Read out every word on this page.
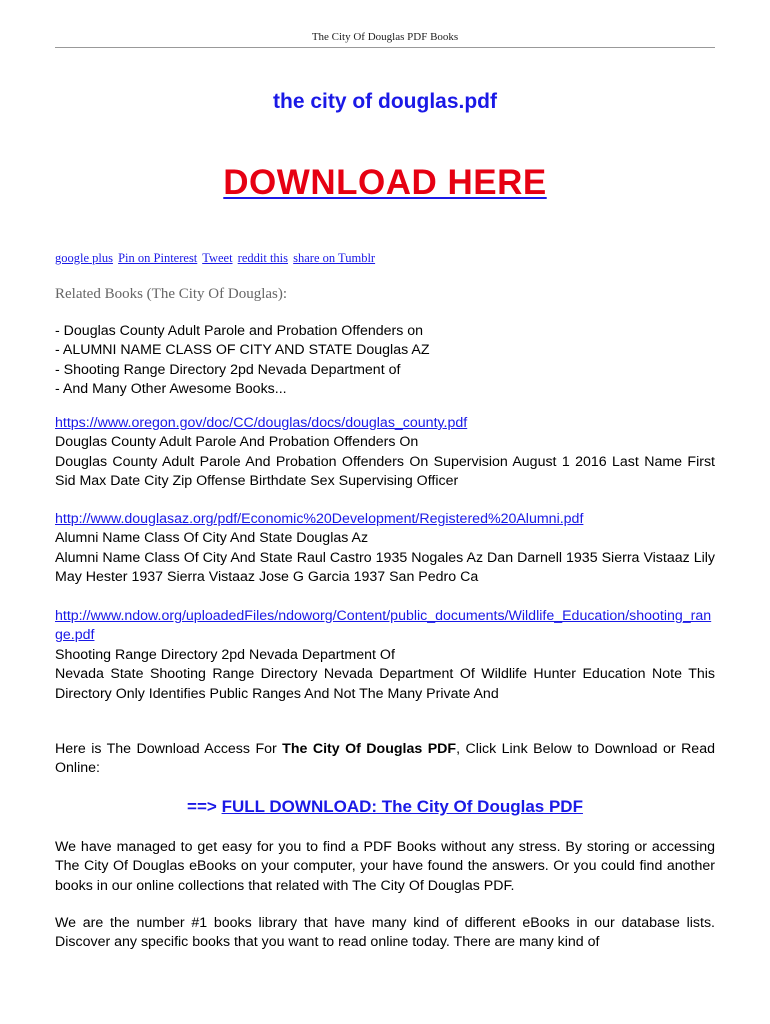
The City Of Douglas PDF Books
the city of douglas.pdf
DOWNLOAD HERE
google plus Pin on Pinterest Tweet reddit this share on Tumblr
Related Books (The City Of Douglas):
- Douglas County Adult Parole and Probation Offenders on
- ALUMNI NAME CLASS OF CITY AND STATE Douglas AZ
- Shooting Range Directory 2pd Nevada Department of
- And Many Other Awesome Books...
https://www.oregon.gov/doc/CC/douglas/docs/douglas_county.pdf
Douglas County Adult Parole And Probation Offenders On
Douglas County Adult Parole And Probation Offenders On Supervision August 1 2016 Last Name First Sid Max Date City Zip Offense Birthdate Sex Supervising Officer
http://www.douglasaz.org/pdf/Economic%20Development/Registered%20Alumni.pdf
Alumni Name Class Of City And State Douglas Az
Alumni Name Class Of City And State Raul Castro 1935 Nogales Az Dan Darnell 1935 Sierra Vistaaz Lily May Hester 1937 Sierra Vistaaz Jose G Garcia 1937 San Pedro Ca
http://www.ndow.org/uploadedFiles/ndoworg/Content/public_documents/Wildlife_Education/shooting_range.pdf
Shooting Range Directory 2pd Nevada Department Of
Nevada State Shooting Range Directory Nevada Department Of Wildlife Hunter Education Note This Directory Only Identifies Public Ranges And Not The Many Private And
Here is The Download Access For The City Of Douglas PDF, Click Link Below to Download or Read Online:
==> FULL DOWNLOAD: The City Of Douglas PDF
We have managed to get easy for you to find a PDF Books without any stress. By storing or accessing The City Of Douglas eBooks on your computer, your have found the answers. Or you could find another books in our online collections that related with The City Of Douglas PDF.
We are the number #1 books library that have many kind of different eBooks in our database lists. Discover any specific books that you want to read online today. There are many kind of
